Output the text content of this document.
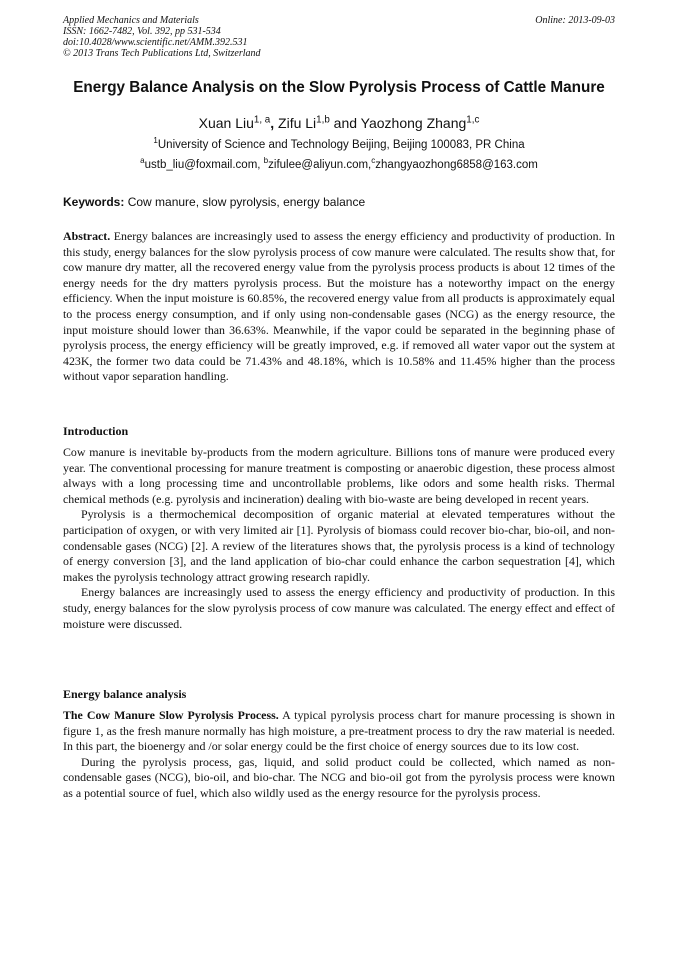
Applied Mechanics and Materials
ISSN: 1662-7482, Vol. 392, pp 531-534
doi:10.4028/www.scientific.net/AMM.392.531
© 2013 Trans Tech Publications Ltd, Switzerland
Online: 2013-09-03
Energy Balance Analysis on the Slow Pyrolysis Process of Cattle Manure
Xuan Liu$^{1, a}$, Zifu Li$^{1,b}$ and Yaozhong Zhang$^{1,c}$
$^1$University of Science and Technology Beijing, Beijing 100083, PR China
$^a$ustb_liu@foxmail.com, $^b$zifulee@aliyun.com,$^c$zhangyaozhong6858@163.com
Keywords: Cow manure, slow pyrolysis, energy balance

Abstract. Energy balances are increasingly used to assess the energy efficiency and productivity of production. In this study, energy balances for the slow pyrolysis process of cow manure were calculated. The results show that, for cow manure dry matter, all the recovered energy value from the pyrolysis process products is about 12 times of the energy needs for the dry matters pyrolysis process. But the moisture has a noteworthy impact on the energy efficiency. When the input moisture is 60.85%, the recovered energy value from all products is approximately equal to the process energy consumption, and if only using non-condensable gases (NCG) as the energy resource, the input moisture should lower than 36.63%. Meanwhile, if the vapor could be separated in the beginning phase of pyrolysis process, the energy efficiency will be greatly improved, e.g. if removed all water vapor out the system at 423K, the former two data could be 71.43% and 48.18%, which is 10.58% and 11.45% higher than the process without vapor separation handling.

Introduction

Cow manure is inevitable by-products from the modern agriculture. Billions tons of manure were produced every year. The conventional processing for manure treatment is composting or anaerobic digestion, these process almost always with a long processing time and uncontrollable problems, like odors and some health risks. Thermal chemical methods (e.g. pyrolysis and incineration) dealing with bio-waste are being developed in recent years.

Pyrolysis is a thermochemical decomposition of organic material at elevated temperatures without the participation of oxygen, or with very limited air [1]. Pyrolysis of biomass could recover bio-char, bio-oil, and non-condensable gases (NCG) [2]. A review of the literatures shows that, the pyrolysis process is a kind of technology of energy conversion [3], and the land application of bio-char could enhance the carbon sequestration [4], which makes the pyrolysis technology attract growing research rapidly.

Energy balances are increasingly used to assess the energy efficiency and productivity of production. In this study, energy balances for the slow pyrolysis process of cow manure was calculated. The energy effect and effect of moisture were discussed.

Energy balance analysis

The Cow Manure Slow Pyrolysis Process. A typical pyrolysis process chart for manure processing is shown in figure 1, as the fresh manure normally has high moisture, a pre-treatment process to dry the raw material is needed. In this part, the bioenergy and /or solar energy could be the first choice of energy sources due to its low cost.

During the pyrolysis process, gas, liquid, and solid product could be collected, which named as non-condensable gases (NCG), bio-oil, and bio-char. The NCG and bio-oil got from the pyrolysis process were known as a potential source of fuel, which also wildly used as the energy resource for the pyrolysis process.
